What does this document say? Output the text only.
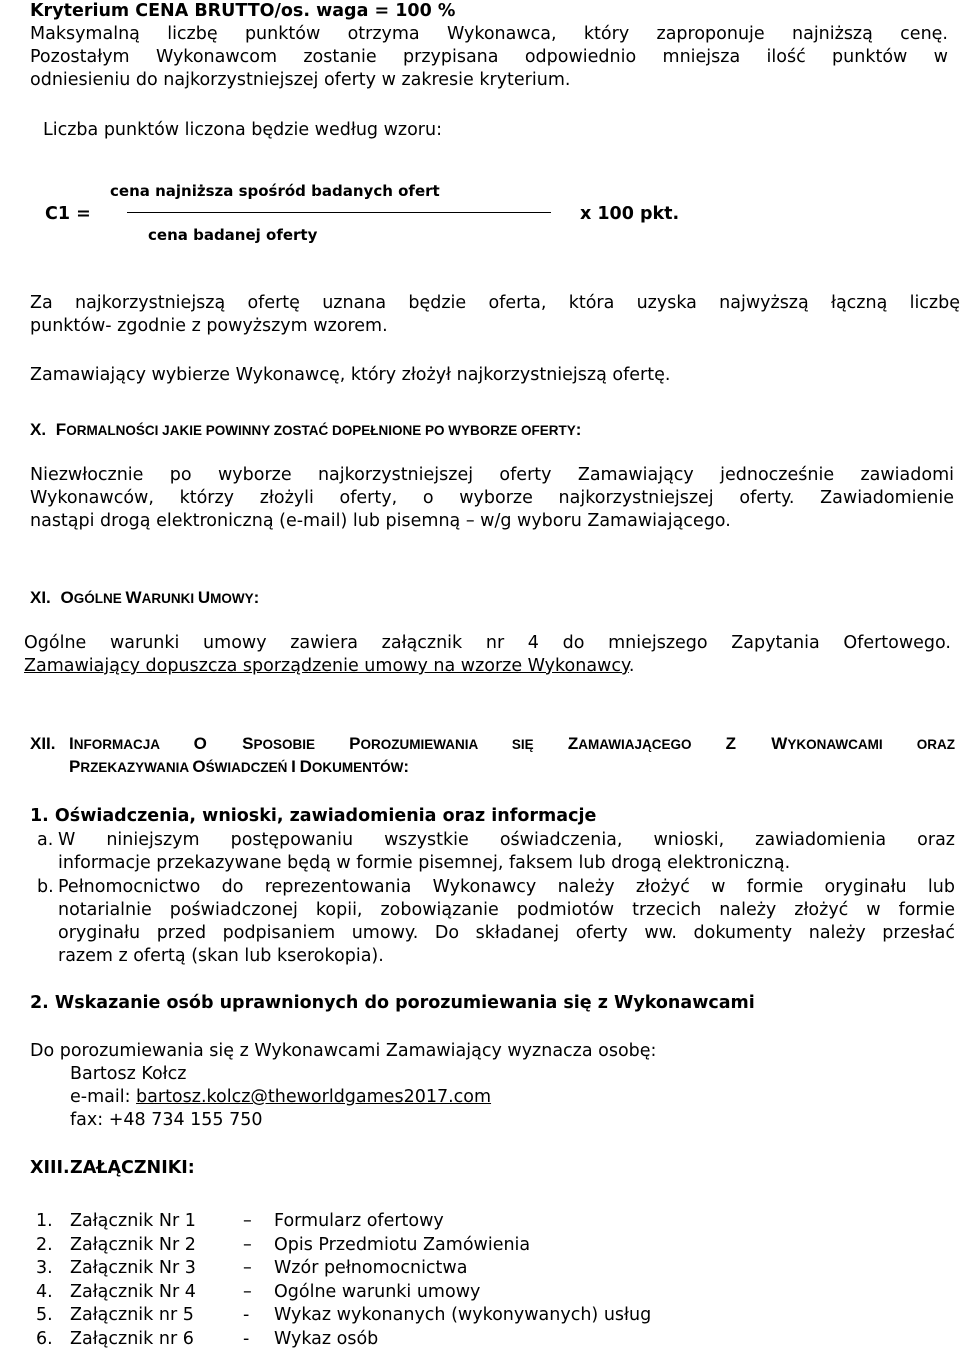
Kryterium CENA BRUTTO/os. waga = 100 %
Maksymalną liczbę punktów otrzyma Wykonawca, który zaproponuje najniższą cenę.
Pozostałym Wykonawcom zostanie przypisana odpowiednio mniejsza ilość punktów w
odniesieniu do najkorzystniejszej oferty w zakresie kryterium.
Liczba punktów liczona będzie według wzoru:
C1 =
cena najniższa spośród badanych ofert
cena badanej oferty
x 100 pkt.
Za najkorzystniejszą ofertę uznana będzie oferta, która uzyska najwyższą łączną liczbę
punktów- zgodnie z powyższym wzorem.
Zamawiający wybierze Wykonawcę, który złożył najkorzystniejszą ofertę.
X. FORMALNOŚCI JAKIE POWINNY ZOSTAĆ DOPEŁNIONE PO WYBORZE OFERTY:
Niezwłocznie po wyborze najkorzystniejszej oferty Zamawiający jednocześnie zawiadomi
Wykonawców, którzy złożyli oferty, o wyborze najkorzystniejszej oferty. Zawiadomienie
nastąpi drogą elektroniczną (e-mail) lub pisemną – w/g wyboru Zamawiającego.
XI. OGÓLNE WARUNKI UMOWY:
Ogólne warunki umowy zawiera załącznik nr 4 do mniejszego Zapytania Ofertowego.
Zamawiający dopuszcza sporządzenie umowy na wzorze Wykonawcy.
XII. INFORMACJA O SPOSOBIE POROZUMIEWANIA SIĘ ZAMAWIAJĄCEGO Z WYKONAWCAMI ORAZ
PRZEKAZYWANIA OŚWIADCZEŃ I DOKUMENTÓW:
1. Oświadczenia, wnioski, zawiadomienia oraz informacje
a. W niniejszym postępowaniu wszystkie oświadczenia, wnioski, zawiadomienia oraz
informacje przekazywane będą w formie pisemnej, faksem lub drogą elektroniczną.
b. Pełnomocnictwo do reprezentowania Wykonawcy należy złożyć w formie oryginału lub
notarialnie poświadczonej kopii, zobowiązanie podmiotów trzecich należy złożyć w formie
oryginału przed podpisaniem umowy. Do składanej oferty ww. dokumenty należy przesłać
razem z ofertą (skan lub kserokopia).
2. Wskazanie osób uprawnionych do porozumiewania się z Wykonawcami
Do porozumiewania się z Wykonawcami Zamawiający wyznacza osobę:
Bartosz Kołcz
e-mail: bartosz.kolcz@theworldgames2017.com
fax: +48 734 155 750
XIII. ZAŁĄCZNIKI:
1.
2.
3.
4.
5.
6.
Załącznik Nr 1
Załącznik Nr 2
Załącznik Nr 3
Załącznik Nr 4
Załącznik nr 5
Załącznik nr 6
–
–
–
–
-
-
Formularz ofertowy
Opis Przedmiotu Zamówienia
Wzór pełnomocnictwa
Ogólne warunki umowy
Wykaz wykonanych (wykonywanych) usług
Wykaz osób
